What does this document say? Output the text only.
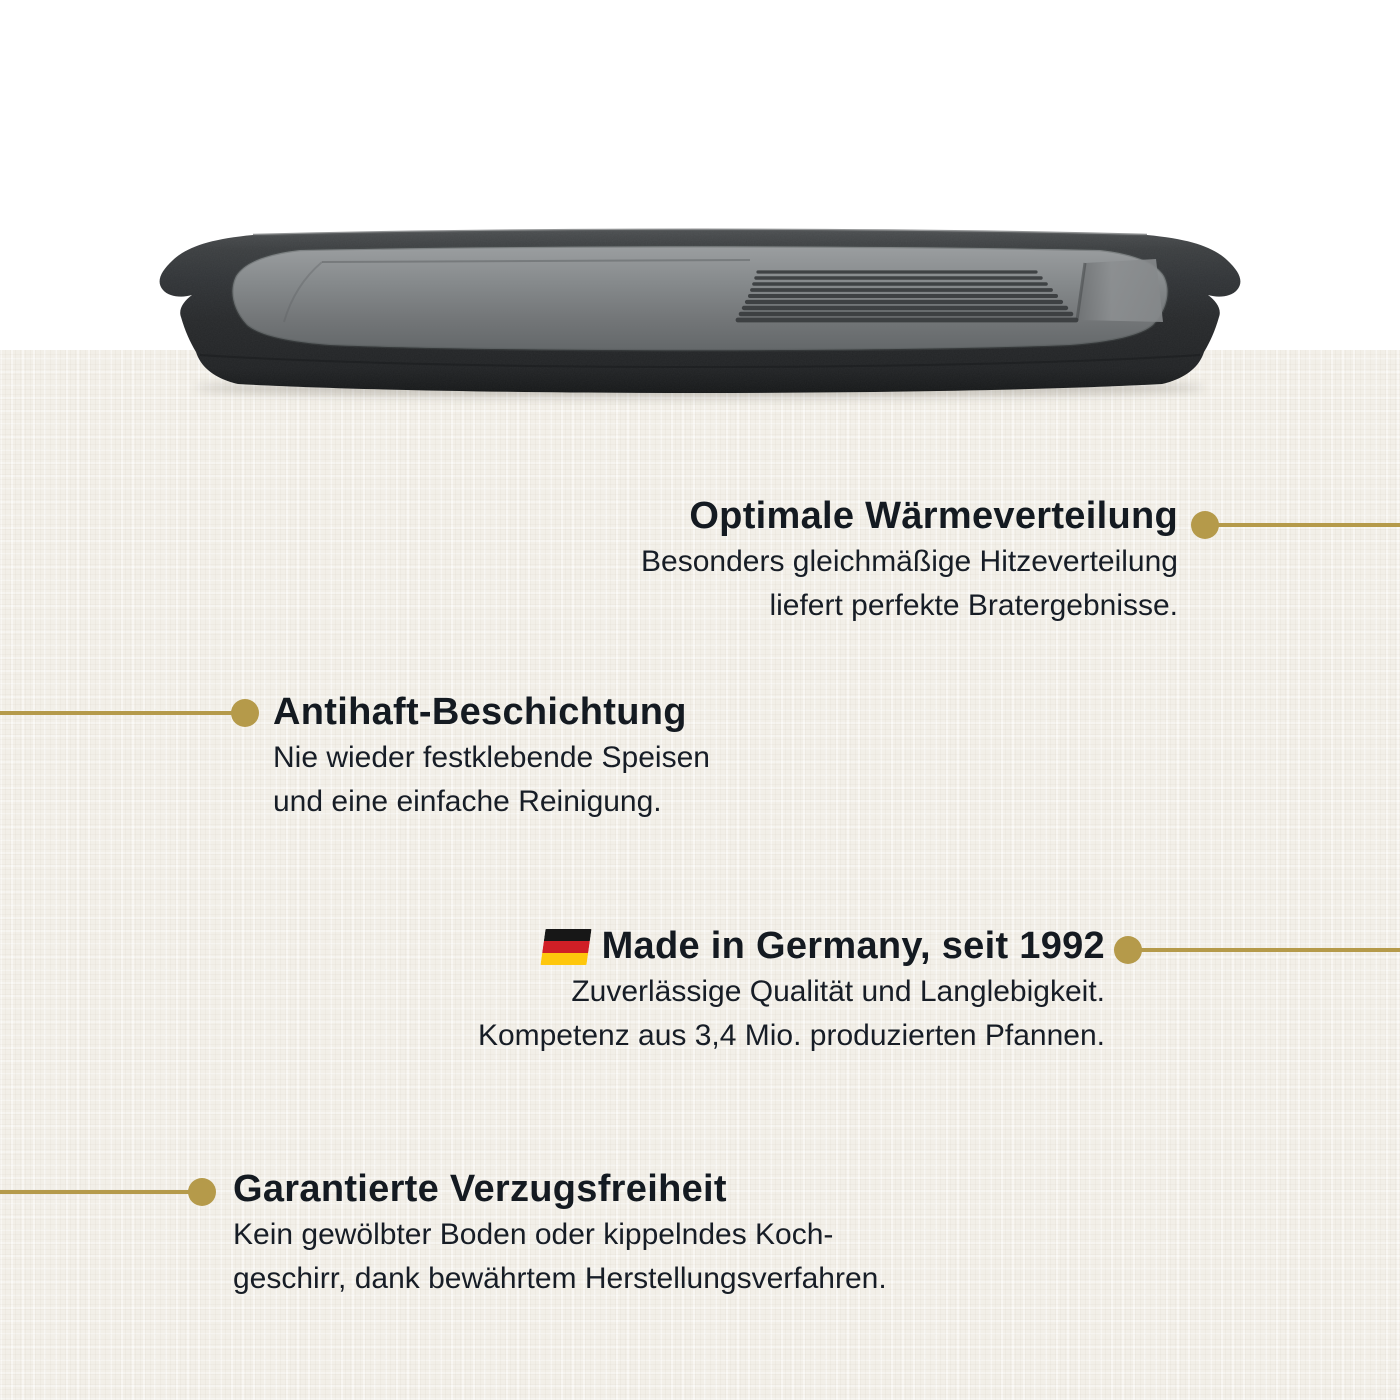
Optimale Wärmeverteilung

Besonders gleichmäßige Hitzeverteilung

liefert perfekte Bratergebnisse.

Antihaft-Beschichtung

Nie wieder festklebende Speisen

und eine einfache Reinigung.

Made in Germany, seit 1992

Zuverlässige Qualität und Langlebigkeit.

Kompetenz aus 3,4 Mio. produzierten Pfannen.

Garantierte Verzugsfreiheit

Kein gewölbter Boden oder kippelndes Koch-

geschirr, dank bewährtem Herstellungsverfahren.
